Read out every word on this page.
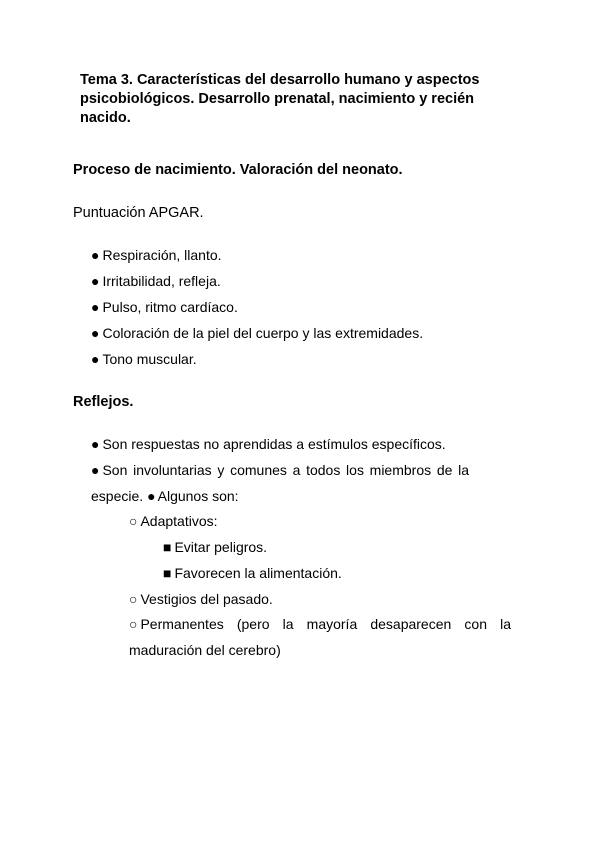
Tema 3. Características del desarrollo humano y aspectos psicobiológicos. Desarrollo prenatal, nacimiento y recién nacido.
Proceso de nacimiento. Valoración del neonato.
Puntuación APGAR.
● Respiración, llanto.
● Irritabilidad, refleja.
● Pulso, ritmo cardíaco.
● Coloración de la piel del cuerpo y las extremidades.
● Tono muscular.
Reflejos.
● Son respuestas no aprendidas a estímulos específicos.
● Son involuntarias y comunes a todos los miembros de la especie. ● Algunos son:
○ Adaptativos:
■ Evitar peligros.
■ Favorecen la alimentación.
○ Vestigios del pasado.
○ Permanentes (pero la mayoría desaparecen con la maduración del cerebro)
